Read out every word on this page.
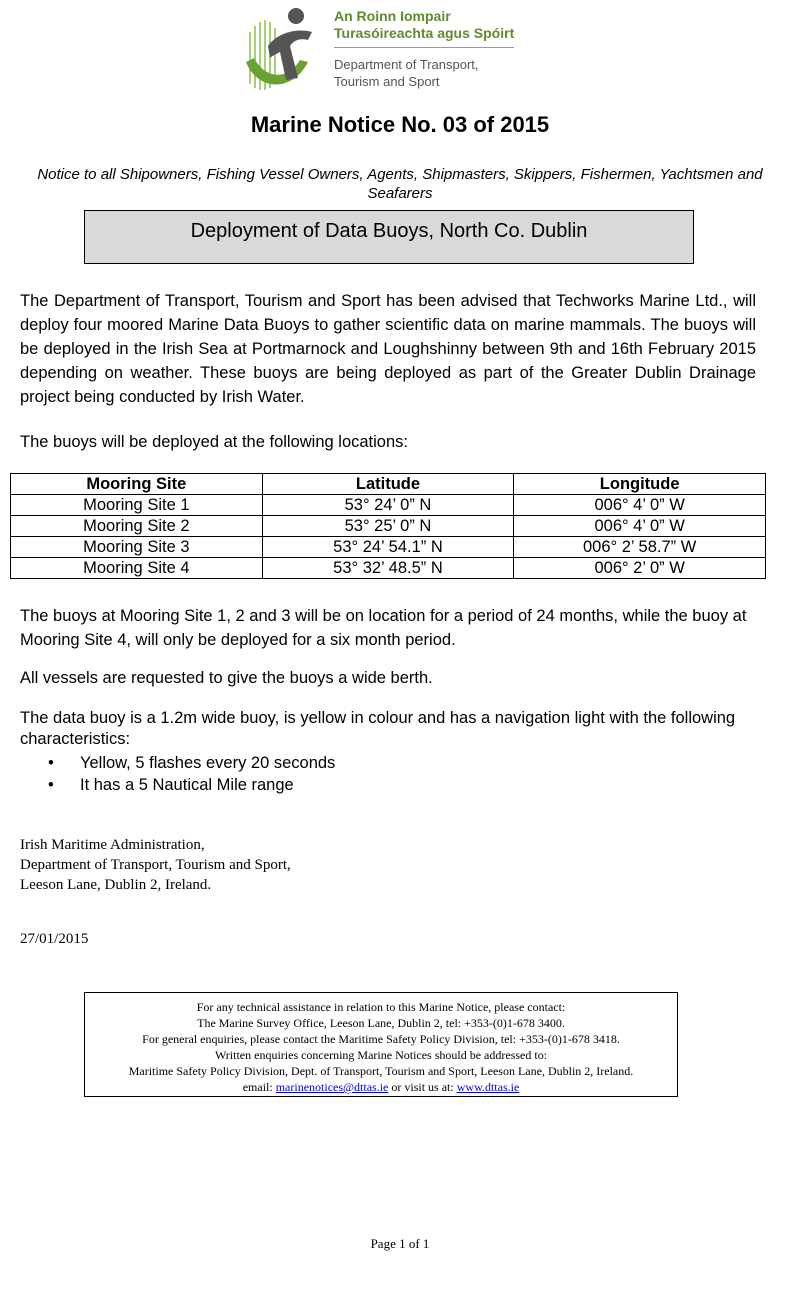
An Roinn Iompair
Turasóireachta agus Spóirt
Department of Transport,
Tourism and Sport
Marine Notice No. 03 of 2015
Notice to all Shipowners, Fishing Vessel Owners, Agents, Shipmasters, Skippers, Fishermen, Yachtsmen and Seafarers
Deployment of Data Buoys, North Co. Dublin
The Department of Transport, Tourism and Sport has been advised that Techworks Marine Ltd., will deploy four moored Marine Data Buoys to gather scientific data on marine mammals. The buoys will be deployed in the Irish Sea at Portmarnock and Loughshinny between 9th and 16th February 2015 depending on weather. These buoys are being deployed as part of the Greater Dublin Drainage project being conducted by Irish Water.
The buoys will be deployed at the following locations:
Mooring Site	Latitude	Longitude
Mooring Site 1	53° 24’ 0” N	006° 4’ 0” W
Mooring Site 2	53° 25’ 0” N	006° 4’ 0” W
Mooring Site 3	53° 24’ 54.1” N	006° 2’ 58.7” W
Mooring Site 4	53° 32’ 48.5” N	006° 2’ 0” W
The buoys at Mooring Site 1, 2 and 3 will be on location for a period of 24 months, while the buoy at Mooring Site 4, will only be deployed for a six month period.
All vessels are requested to give the buoys a wide berth.
The data buoy is a 1.2m wide buoy, is yellow in colour and has a navigation light with the following characteristics:
• Yellow, 5 flashes every 20 seconds
• It has a 5 Nautical Mile range
Irish Maritime Administration,
Department of Transport, Tourism and Sport,
Leeson Lane, Dublin 2, Ireland.
27/01/2015
For any technical assistance in relation to this Marine Notice, please contact:
The Marine Survey Office, Leeson Lane, Dublin 2, tel: +353-(0)1-678 3400.
For general enquiries, please contact the Maritime Safety Policy Division, tel: +353-(0)1-678 3418.
Written enquiries concerning Marine Notices should be addressed to:
Maritime Safety Policy Division, Dept. of Transport, Tourism and Sport, Leeson Lane, Dublin 2, Ireland.
email: marinenotices@dttas.ie or visit us at: www.dttas.ie
Page 1 of 1
